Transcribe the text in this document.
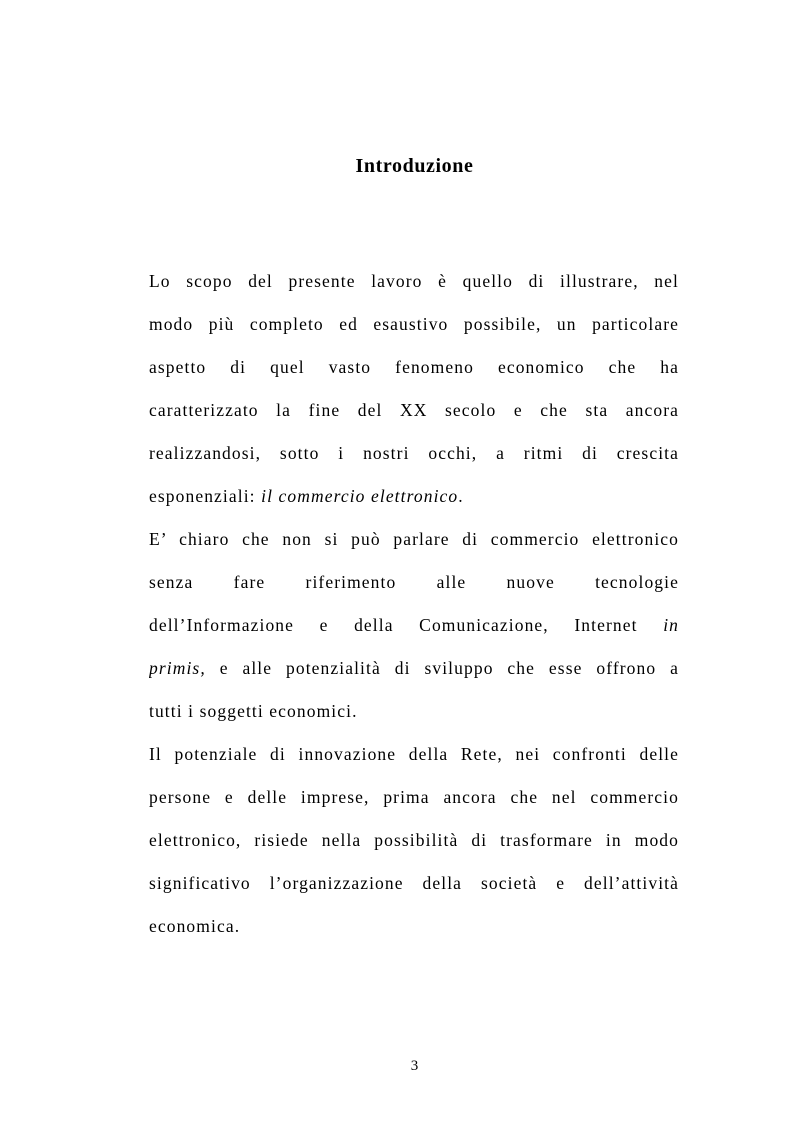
Introduzione
Lo scopo del presente lavoro è quello di illustrare, nel
modo più completo ed esaustivo possibile, un particolare
aspetto di quel vasto fenomeno economico che ha
caratterizzato la fine del XX secolo e che sta ancora
realizzandosi, sotto i nostri occhi, a ritmi di crescita
esponenziali: il commercio elettronico.
E’ chiaro che non si può parlare di commercio elettronico
senza fare riferimento alle nuove tecnologie
dell’Informazione e della Comunicazione, Internet in
primis, e alle potenzialità di sviluppo che esse offrono a
tutti i soggetti economici.
Il potenziale di innovazione della Rete, nei confronti delle
persone e delle imprese, prima ancora che nel commercio
elettronico, risiede nella possibilità di trasformare in modo
significativo l’organizzazione della società e dell’attività
economica.
3
